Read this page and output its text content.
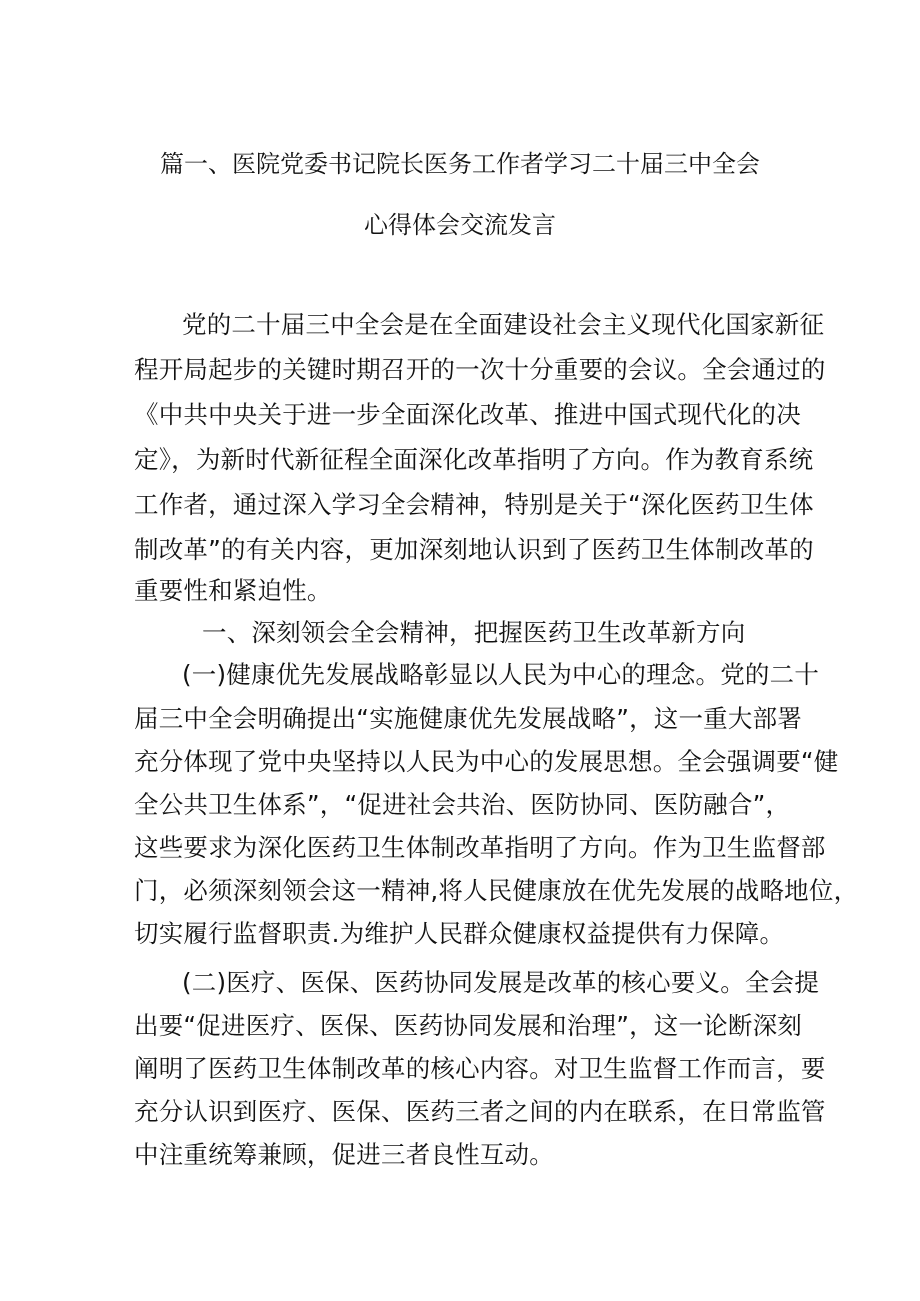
篇一、医院党委书记院长医务工作者学习二十届三中全会
心得体会交流发言
党的二十届三中全会是在全面建设社会主义现代化国家新征
程开局起步的关键时期召开的一次十分重要的会议。全会通过的
《中共中央关于进一步全面深化改革、推进中国式现代化的决
定》，为新时代新征程全面深化改革指明了方向。作为教育系统
工作者，通过深入学习全会精神，特别是关于“深化医药卫生体
制改革”的有关内容，更加深刻地认识到了医药卫生体制改革的
重要性和紧迫性。
一、深刻领会全会精神，把握医药卫生改革新方向
(一)健康优先发展战略彰显以人民为中心的理念。党的二十
届三中全会明确提出“实施健康优先发展战略”，这一重大部署
充分体现了党中央坚持以人民为中心的发展思想。全会强调要“健
全公共卫生体系”，“促进社会共治、医防协同、医防融合”，
这些要求为深化医药卫生体制改革指明了方向。作为卫生监督部
门，必须深刻领会这一精神,将人民健康放在优先发展的战略地位，
切实履行监督职责.为维护人民群众健康权益提供有力保障。
(二)医疗、医保、医药协同发展是改革的核心要义。全会提
出要“促进医疗、医保、医药协同发展和治理”，这一论断深刻
阐明了医药卫生体制改革的核心内容。对卫生监督工作而言，要
充分认识到医疗、医保、医药三者之间的内在联系，在日常监管
中注重统筹兼顾，促进三者良性互动。
